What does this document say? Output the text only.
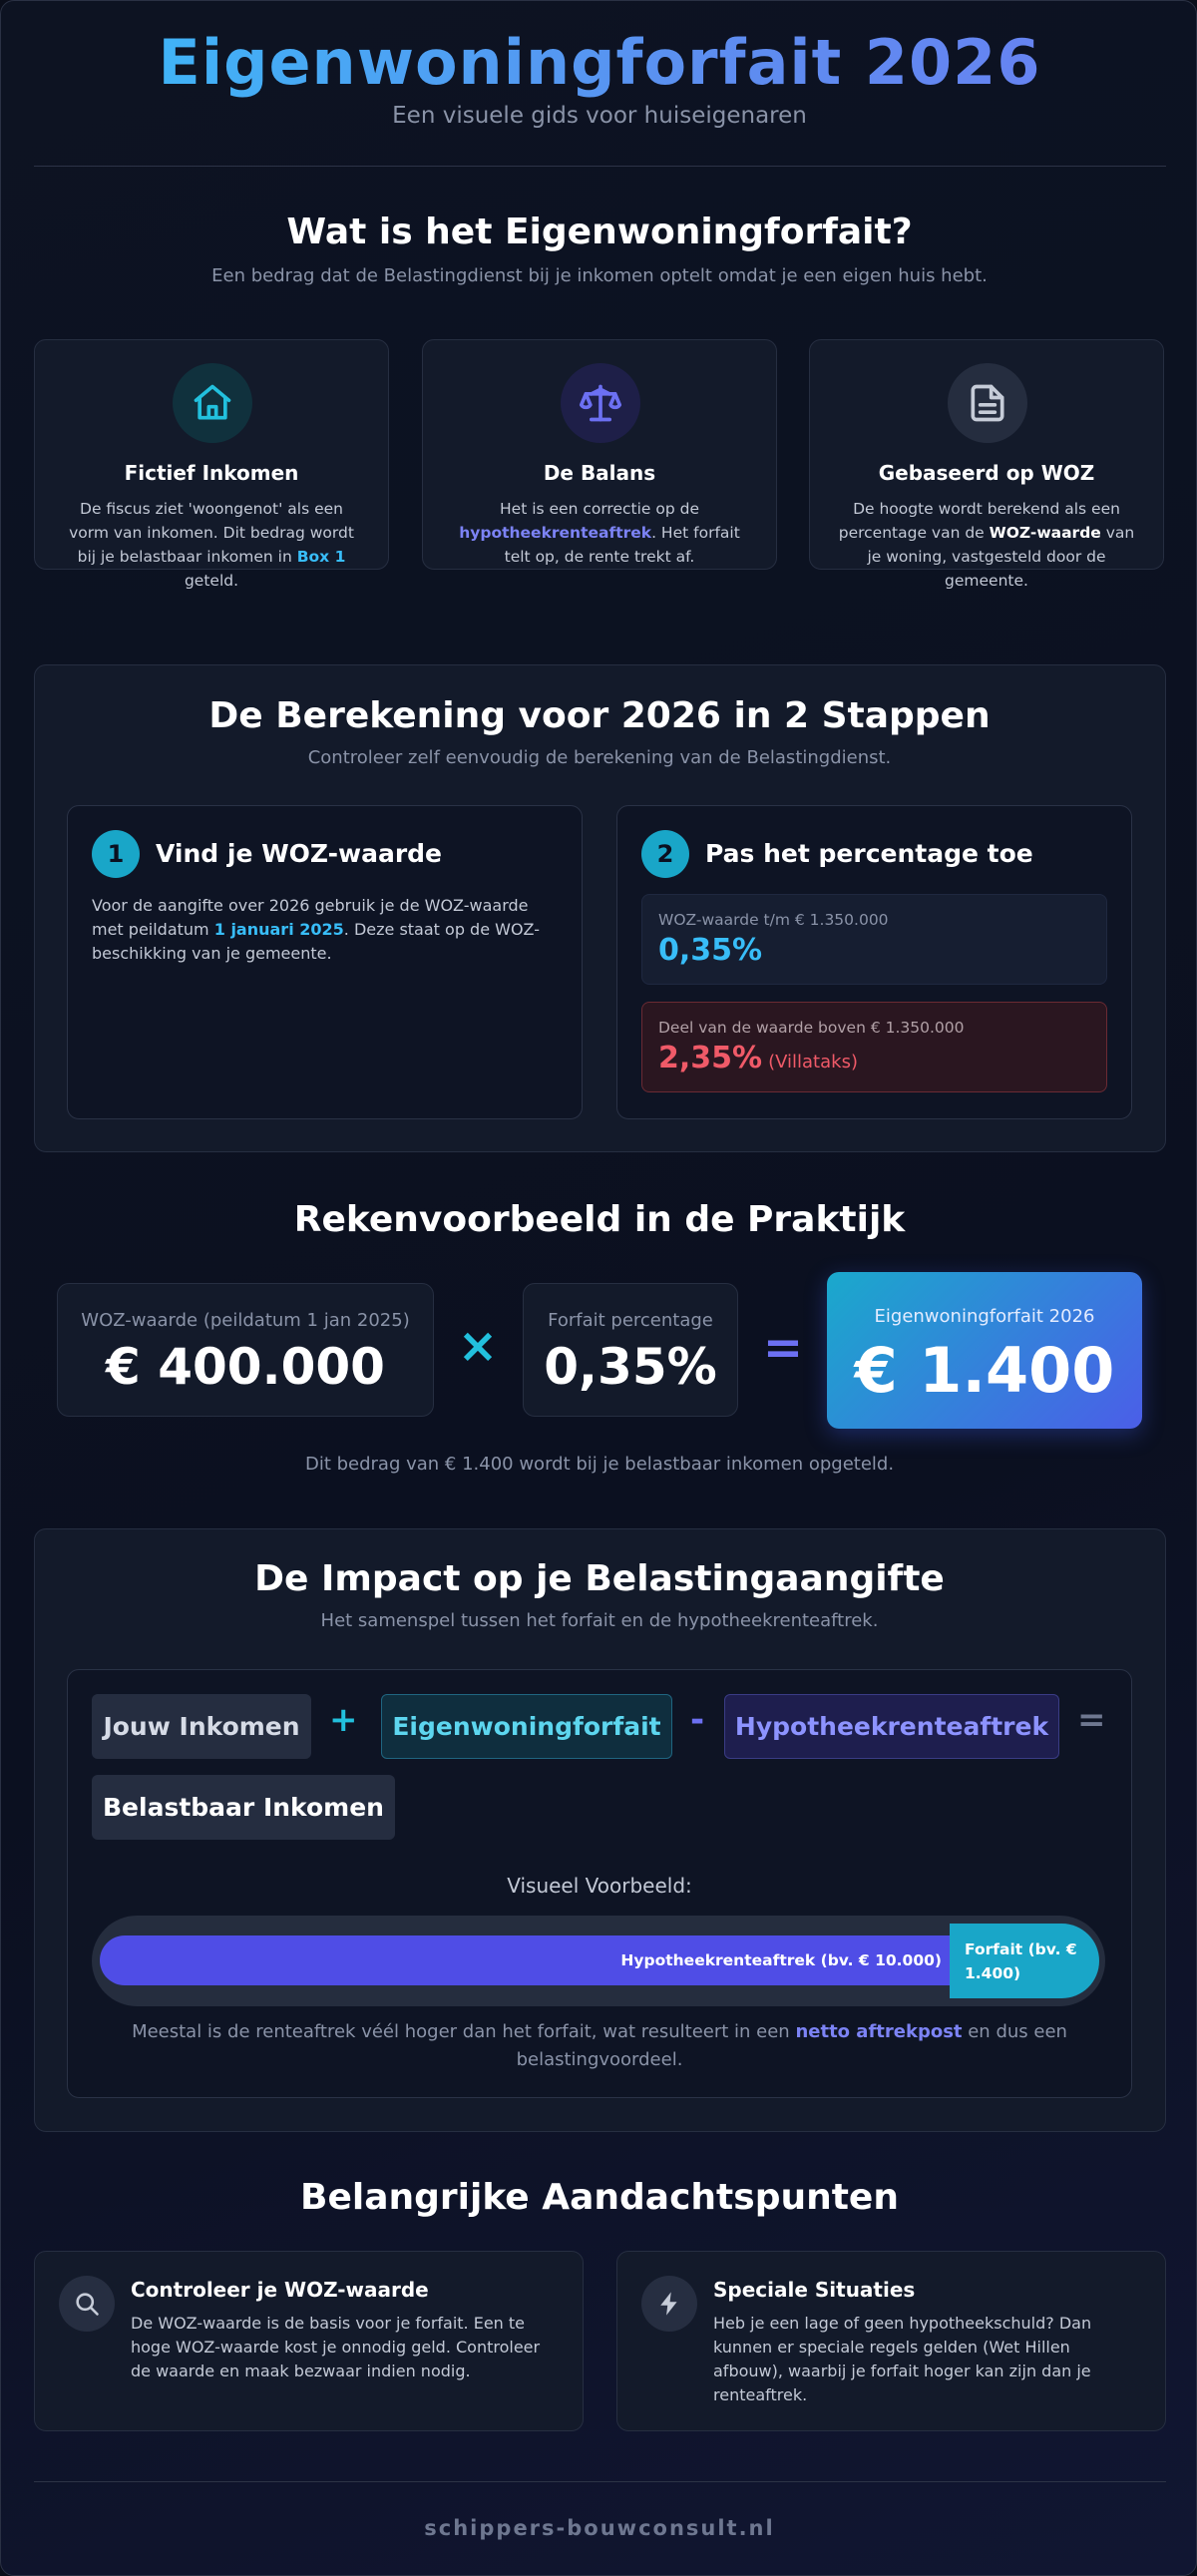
Eigenwoningforfait 2026
Een visuele gids voor huiseigenaren
Wat is het Eigenwoningforfait?
Een bedrag dat de Belastingdienst bij je inkomen optelt omdat je een eigen huis hebt.
Fictief Inkomen
De fiscus ziet 'woongenot' als een vorm van inkomen. Dit bedrag wordt bij je belastbaar inkomen in Box 1 geteld.
De Balans
Het is een correctie op de hypotheekrenteaftrek. Het forfait telt op, de rente trekt af.
Gebaseerd op WOZ
De hoogte wordt berekend als een percentage van de WOZ-waarde van je woning, vastgesteld door de gemeente.
De Berekening voor 2026 in 2 Stappen
Controleer zelf eenvoudig de berekening van de Belastingdienst.
1	Vind je WOZ-waarde
Voor de aangifte over 2026 gebruik je de WOZ-waarde met peildatum 1 januari 2025. Deze staat op de WOZ-beschikking van je gemeente.
2	Pas het percentage toe
WOZ-waarde t/m € 1.350.000
0,35%
Deel van de waarde boven € 1.350.000
2,35% (Villataks)
Rekenvoorbeeld in de Praktijk
WOZ-waarde (peildatum 1 jan 2025)
€ 400.000	×	Forfait percentage
0,35% =
Eigenwoningforfait 2026
€ 1.400
Dit bedrag van € 1.400 wordt bij je belastbaar inkomen opgeteld.
De Impact op je Belastingaangifte
Het samenspel tussen het forfait en de hypotheekrenteaftrek.
Jouw Inkomen +	Eigenwoningforfait -	Hypotheekrenteaftrek =
Belastbaar Inkomen
Visueel Voorbeeld:
Hypotheekrenteaftrek (bv. € 10.000)
Forfait (bv. € 1.400)
Meestal is de renteaftrek véél hoger dan het forfait, wat resulteert in een netto aftrekpost en dus een belastingvoordeel.
Belangrijke Aandachtspunten
Controleer je WOZ-waarde
De WOZ-waarde is de basis voor je forfait. Een te hoge WOZ-waarde kost je onnodig geld. Controleer de waarde en maak bezwaar indien nodig.
Speciale Situaties
Heb je een lage of geen hypotheekschuld? Dan kunnen er speciale regels gelden (Wet Hillen afbouw), waarbij je forfait hoger kan zijn dan je renteaftrek.
schippers-bouwconsult.nl
